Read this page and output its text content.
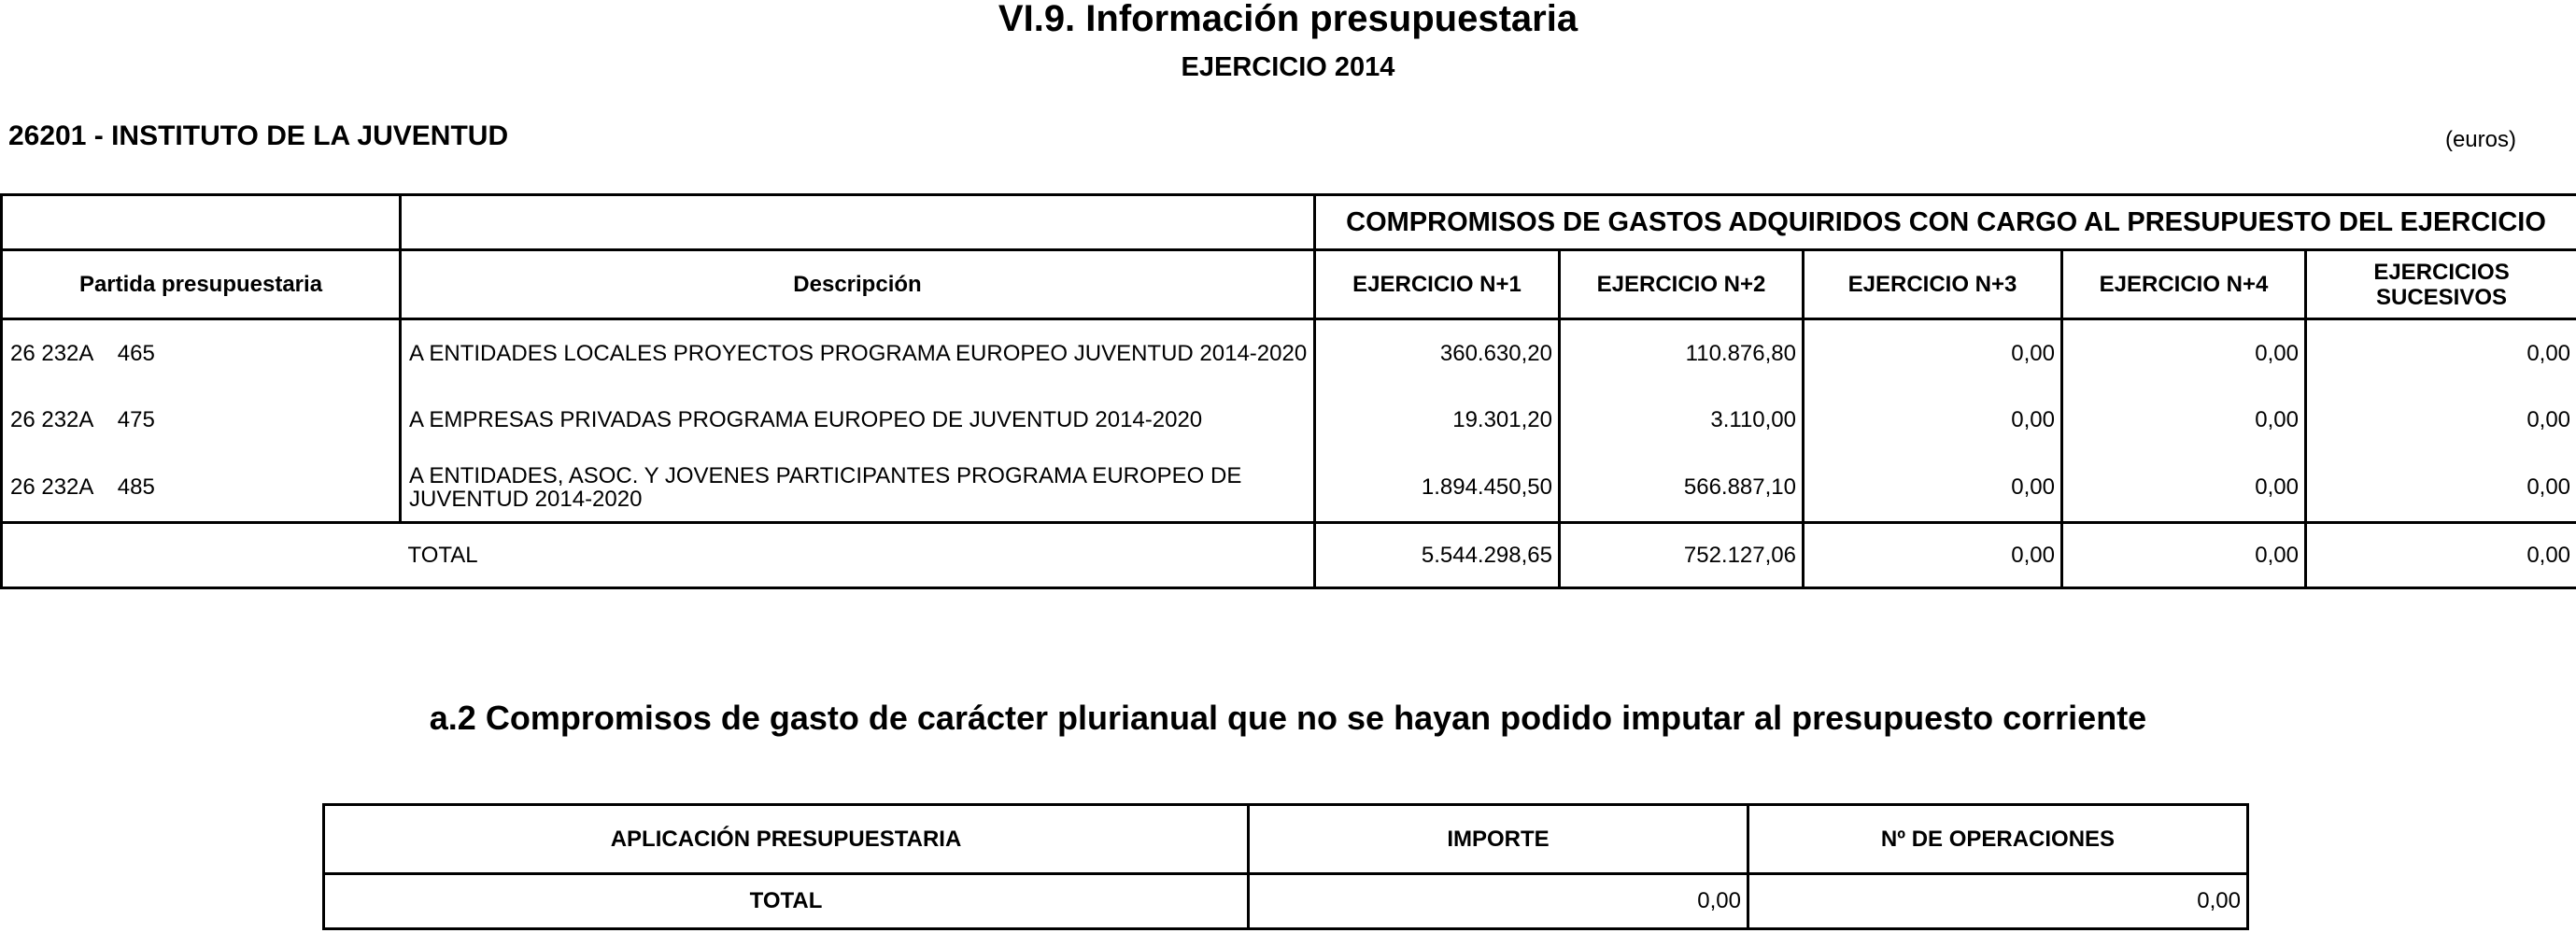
VI.9. Información presupuestaria
EJERCICIO 2014
26201 - INSTITUTO DE LA JUVENTUD	(euros)
		COMPROMISOS DE GASTOS ADQUIRIDOS CON CARGO AL PRESUPUESTO DEL EJERCICIO				
Partida presupuestaria	Descripción	EJERCICIO N+1	EJERCICIO N+2	EJERCICIO N+3	EJERCICIO N+4	EJERCICIOS SUCESIVOS
26 232A    465	A ENTIDADES LOCALES PROYECTOS PROGRAMA EUROPEO JUVENTUD 2014-2020	360.630,20	110.876,80	0,00	0,00	0,00
26 232A    475	A EMPRESAS PRIVADAS PROGRAMA EUROPEO DE JUVENTUD 2014-2020	19.301,20	3.110,00	0,00	0,00	0,00
26 232A    485	A ENTIDADES, ASOC. Y JOVENES PARTICIPANTES PROGRAMA EUROPEO DE JUVENTUD 2014-2020	1.894.450,50	566.887,10	0,00	0,00	0,00
	TOTAL	5.544.298,65	752.127,06	0,00	0,00	0,00
a.2 Compromisos de gasto de carácter plurianual que no se hayan podido imputar al presupuesto corriente
APLICACIÓN PRESUPUESTARIA	IMPORTE	Nº DE OPERACIONES
TOTAL	0,00	0,00
